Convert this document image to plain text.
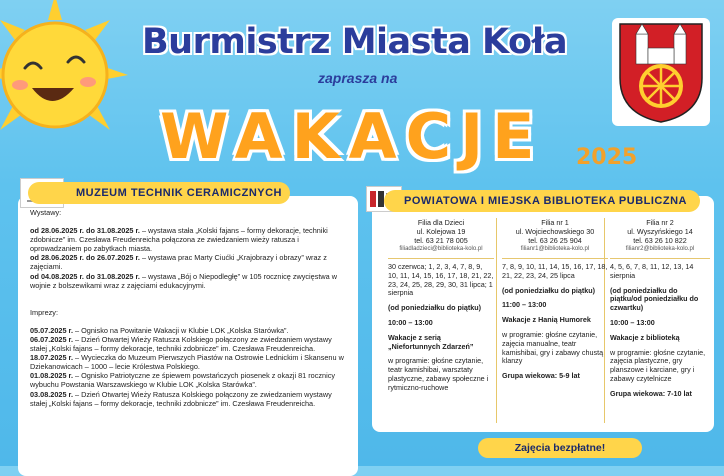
Burmistrz Miasta Koła
zaprasza na
WAKACJE 2025
MUZEUM TECHNIK CERAMICZNYCH

Wystawy:

od 28.06.2025 r. do 31.08.2025 r. – wystawa stała „Kolski fajans – formy dekoracje, techniki zdobnicze” im. Czesława Freudenreicha połączona ze zwiedzaniem wieży ratusza i oprowadzaniem po zabytkach miasta.

od 28.06.2025 r. do 26.07.2025 r. – wystawa prac Marty Ciućki „Krajobrazy i obrazy” wraz z zajęciami.

od 04.08.2025 r. do 31.08.2025 r. – wystawa „Bój o Niepodległę” w 105 rocznicę zwycięstwa w wojnie z bolszewikami wraz z zajęciami edukacyjnymi.

Imprezy:

05.07.2025 r. – Ognisko na Powitanie Wakacji w Klubie LOK „Kolska Starówka”.

06.07.2025 r. – Dzień Otwartej Wieży Ratusza Kolskiego połączony ze zwiedzaniem wystawy stałej „Kolski fajans – formy dekoracje, techniki zdobnicze” im. Czesława Freudenreicha.

18.07.2025 r. – Wycieczka do Muzeum Pierwszych Piastów na Ostrowie Lednickim i Skansenu w Dziekanowicach – 1000 – lecie Królestwa Polskiego.

01.08.2025 r. – Ognisko Patriotyczne ze śpiewem powstańczych piosenek z okazji 81 rocznicy wybuchu Powstania Warszawskiego w Klubie LOK „Kolska Starówka”.

03.08.2025 r. – Dzień Otwartej Wieży Ratusza Kolskiego połączony ze zwiedzaniem wystawy stałej „Kolski fajans – formy dekoracje, techniki zdobnicze” im. Czesława Freudenreicha.

POWIATOWA I MIEJSKA BIBLIOTEKA PUBLICZNA
Filia dla Dzieci
ul. Kolejowa 19
tel. 63 21 78 005
filiadladzieci@biblioteka-kolo.pl

30 czerwca; 1, 2, 3, 4, 7, 8, 9, 10, 11, 14, 15, 16, 17, 18, 21, 22, 23, 24, 25, 28, 29, 30, 31 lipca; 1 sierpnia

(od poniedziałku do piątku)

10:00 – 13:00

Wakacje z serią „Niefortunnych Zdarzeń”

w programie: głośne czytanie, teatr kamishibai, warsztaty plastyczne, zabawy społeczne i rytmiczno-ruchowe

Filia nr 1
ul. Wojciechowskiego 30
tel. 63 26 25 904
filianr1@biblioteka-kolo.pl

7, 8, 9, 10, 11, 14, 15, 16, 17, 18, 21, 22, 23, 24, 25 lipca

(od poniedziałku do piątku)

11:00 – 13:00

Wakacje z Hanią Humorek

w programie: głośne czytanie, zajęcia manualne, teatr kamishibai, gry i zabawy chustą klanzy

Grupa wiekowa: 5-9 lat

Filia nr 2
ul. Wyszyńskiego 14
tel. 63 26 10 822
filianr2@biblioteka-kolo.pl

4, 5, 6, 7, 8, 11, 12, 13, 14 sierpnia

(od poniedziałku do piątku/od poniedziałku do czwartku)

10:00 – 13:00

Wakacje z biblioteką

w programie: głośne czytanie, zajęcia plastyczne, gry planszowe i karciane, gry i zabawy czytelnicze

Grupa wiekowa: 7-10 lat

Zajęcia bezpłatne!
